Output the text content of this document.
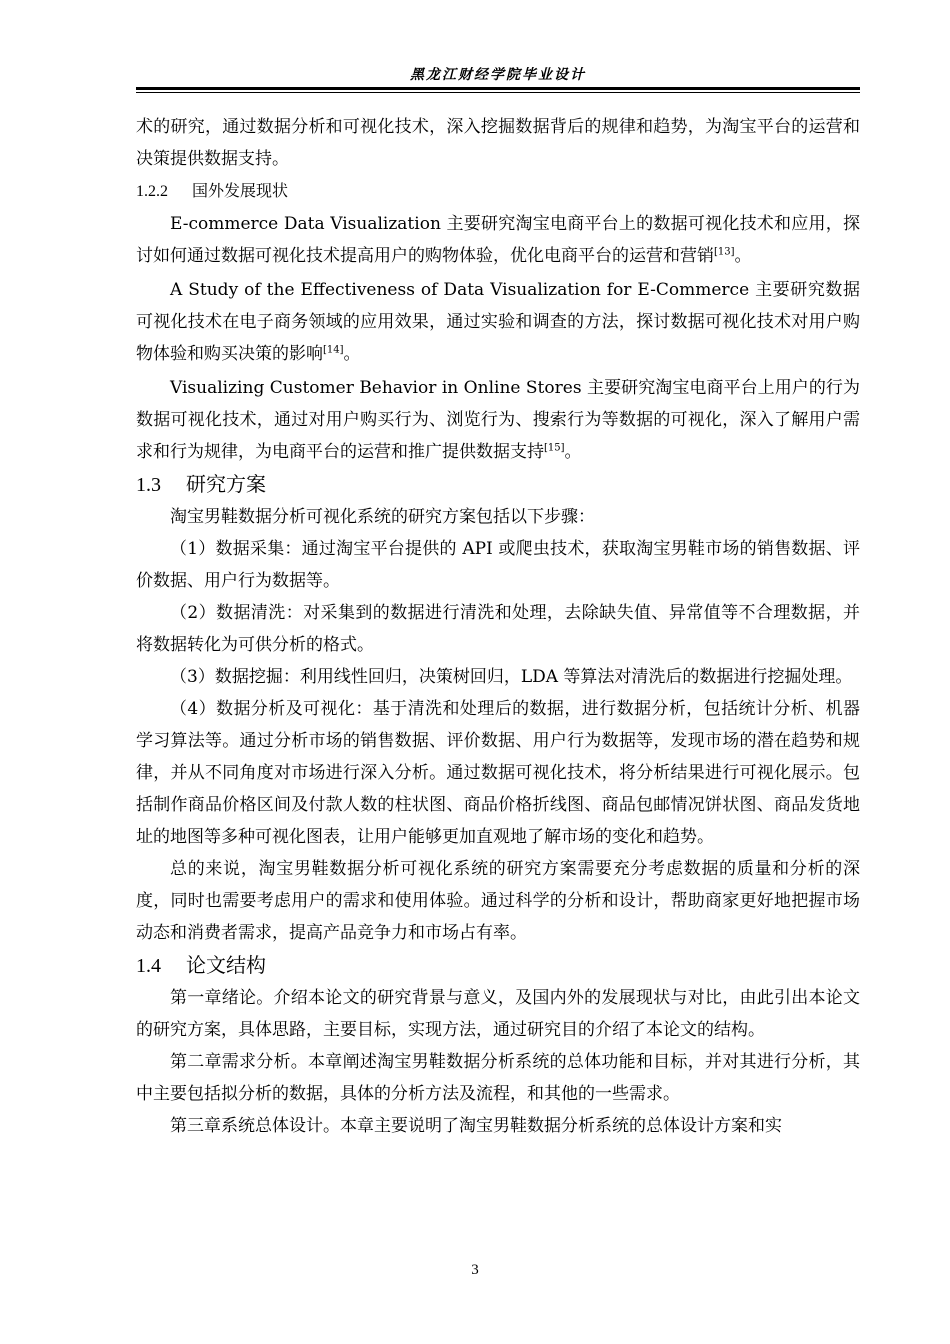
黑龙江财经学院毕业设计

术的研究，通过数据分析和可视化技术，深入挖掘数据背后的规律和趋势，为淘宝平台的运营和决策提供数据支持。

1.2.2 国外发展现状

E-commerce Data Visualization 主要研究淘宝电商平台上的数据可视化技术和应用，探讨如何通过数据可视化技术提高用户的购物体验，优化电商平台的运营和营销[13]。

A Study of the Effectiveness of Data Visualization for E-Commerce 主要研究数据可视化技术在电子商务领域的应用效果，通过实验和调查的方法，探讨数据可视化技术对用户购物体验和购买决策的影响[14]。

Visualizing Customer Behavior in Online Stores 主要研究淘宝电商平台上用户的行为数据可视化技术，通过对用户购买行为、浏览行为、搜索行为等数据的可视化，深入了解用户需求和行为规律，为电商平台的运营和推广提供数据支持[15]。

1.3 研究方案

淘宝男鞋数据分析可视化系统的研究方案包括以下步骤：

（1）数据采集：通过淘宝平台提供的 API 或爬虫技术，获取淘宝男鞋市场的销售数据、评价数据、用户行为数据等。

（2）数据清洗：对采集到的数据进行清洗和处理，去除缺失值、异常值等不合理数据，并将数据转化为可供分析的格式。

（3）数据挖掘：利用线性回归，决策树回归，LDA 等算法对清洗后的数据进行挖掘处理。

（4）数据分析及可视化：基于清洗和处理后的数据，进行数据分析，包括统计分析、机器学习算法等。通过分析市场的销售数据、评价数据、用户行为数据等，发现市场的潜在趋势和规律，并从不同角度对市场进行深入分析。通过数据可视化技术，将分析结果进行可视化展示。包括制作商品价格区间及付款人数的柱状图、商品价格折线图、商品包邮情况饼状图、商品发货地址的地图等多种可视化图表，让用户能够更加直观地了解市场的变化和趋势。

总的来说，淘宝男鞋数据分析可视化系统的研究方案需要充分考虑数据的质量和分析的深度，同时也需要考虑用户的需求和使用体验。通过科学的分析和设计，帮助商家更好地把握市场动态和消费者需求，提高产品竞争力和市场占有率。

1.4 论文结构

第一章绪论。介绍本论文的研究背景与意义，及国内外的发展现状与对比，由此引出本论文的研究方案，具体思路，主要目标，实现方法，通过研究目的介绍了本论文的结构。

第二章需求分析。本章阐述淘宝男鞋数据分析系统的总体功能和目标，并对其进行分析，其中主要包括拟分析的数据，具体的分析方法及流程，和其他的一些需求。

第三章系统总体设计。本章主要说明了淘宝男鞋数据分析系统的总体设计方案和实

3
